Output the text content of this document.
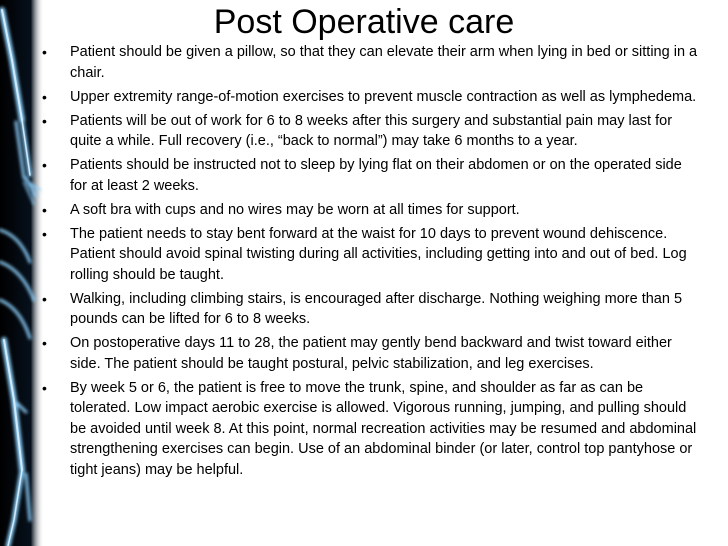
Post Operative care
•	Patient should be given a pillow, so that they can elevate their arm when lying in bed or sitting in a chair.
•	Upper extremity range-of-motion exercises to prevent muscle contraction as well as lymphedema.
•	Patients will be out of work for 6 to 8 weeks after this surgery and substantial pain may last for quite a while. Full recovery (i.e., “back to normal”) may take 6 months to a year.
•	Patients should be instructed not to sleep by lying flat on their abdomen or on the operated side for at least 2 weeks.
•	A soft bra with cups and no wires may be worn at all times for support.
•	The patient needs to stay bent forward at the waist for 10 days to prevent wound dehiscence. Patient should avoid spinal twisting during all activities, including getting into and out of bed. Log rolling should be taught.
•	Walking, including climbing stairs, is encouraged after discharge. Nothing weighing more than 5 pounds can be lifted for 6 to 8 weeks.
•	On postoperative days 11 to 28, the patient may gently bend backward and twist toward either side. The patient should be taught postural, pelvic stabilization, and leg exercises.
•	By week 5 or 6, the patient is free to move the trunk, spine, and shoulder as far as can be tolerated. Low impact aerobic exercise is allowed. Vigorous running, jumping, and pulling should be avoided until week 8. At this point, normal recreation activities may be resumed and abdominal strengthening exercises can begin. Use of an abdominal binder (or later, control top pantyhose or tight jeans) may be helpful.
